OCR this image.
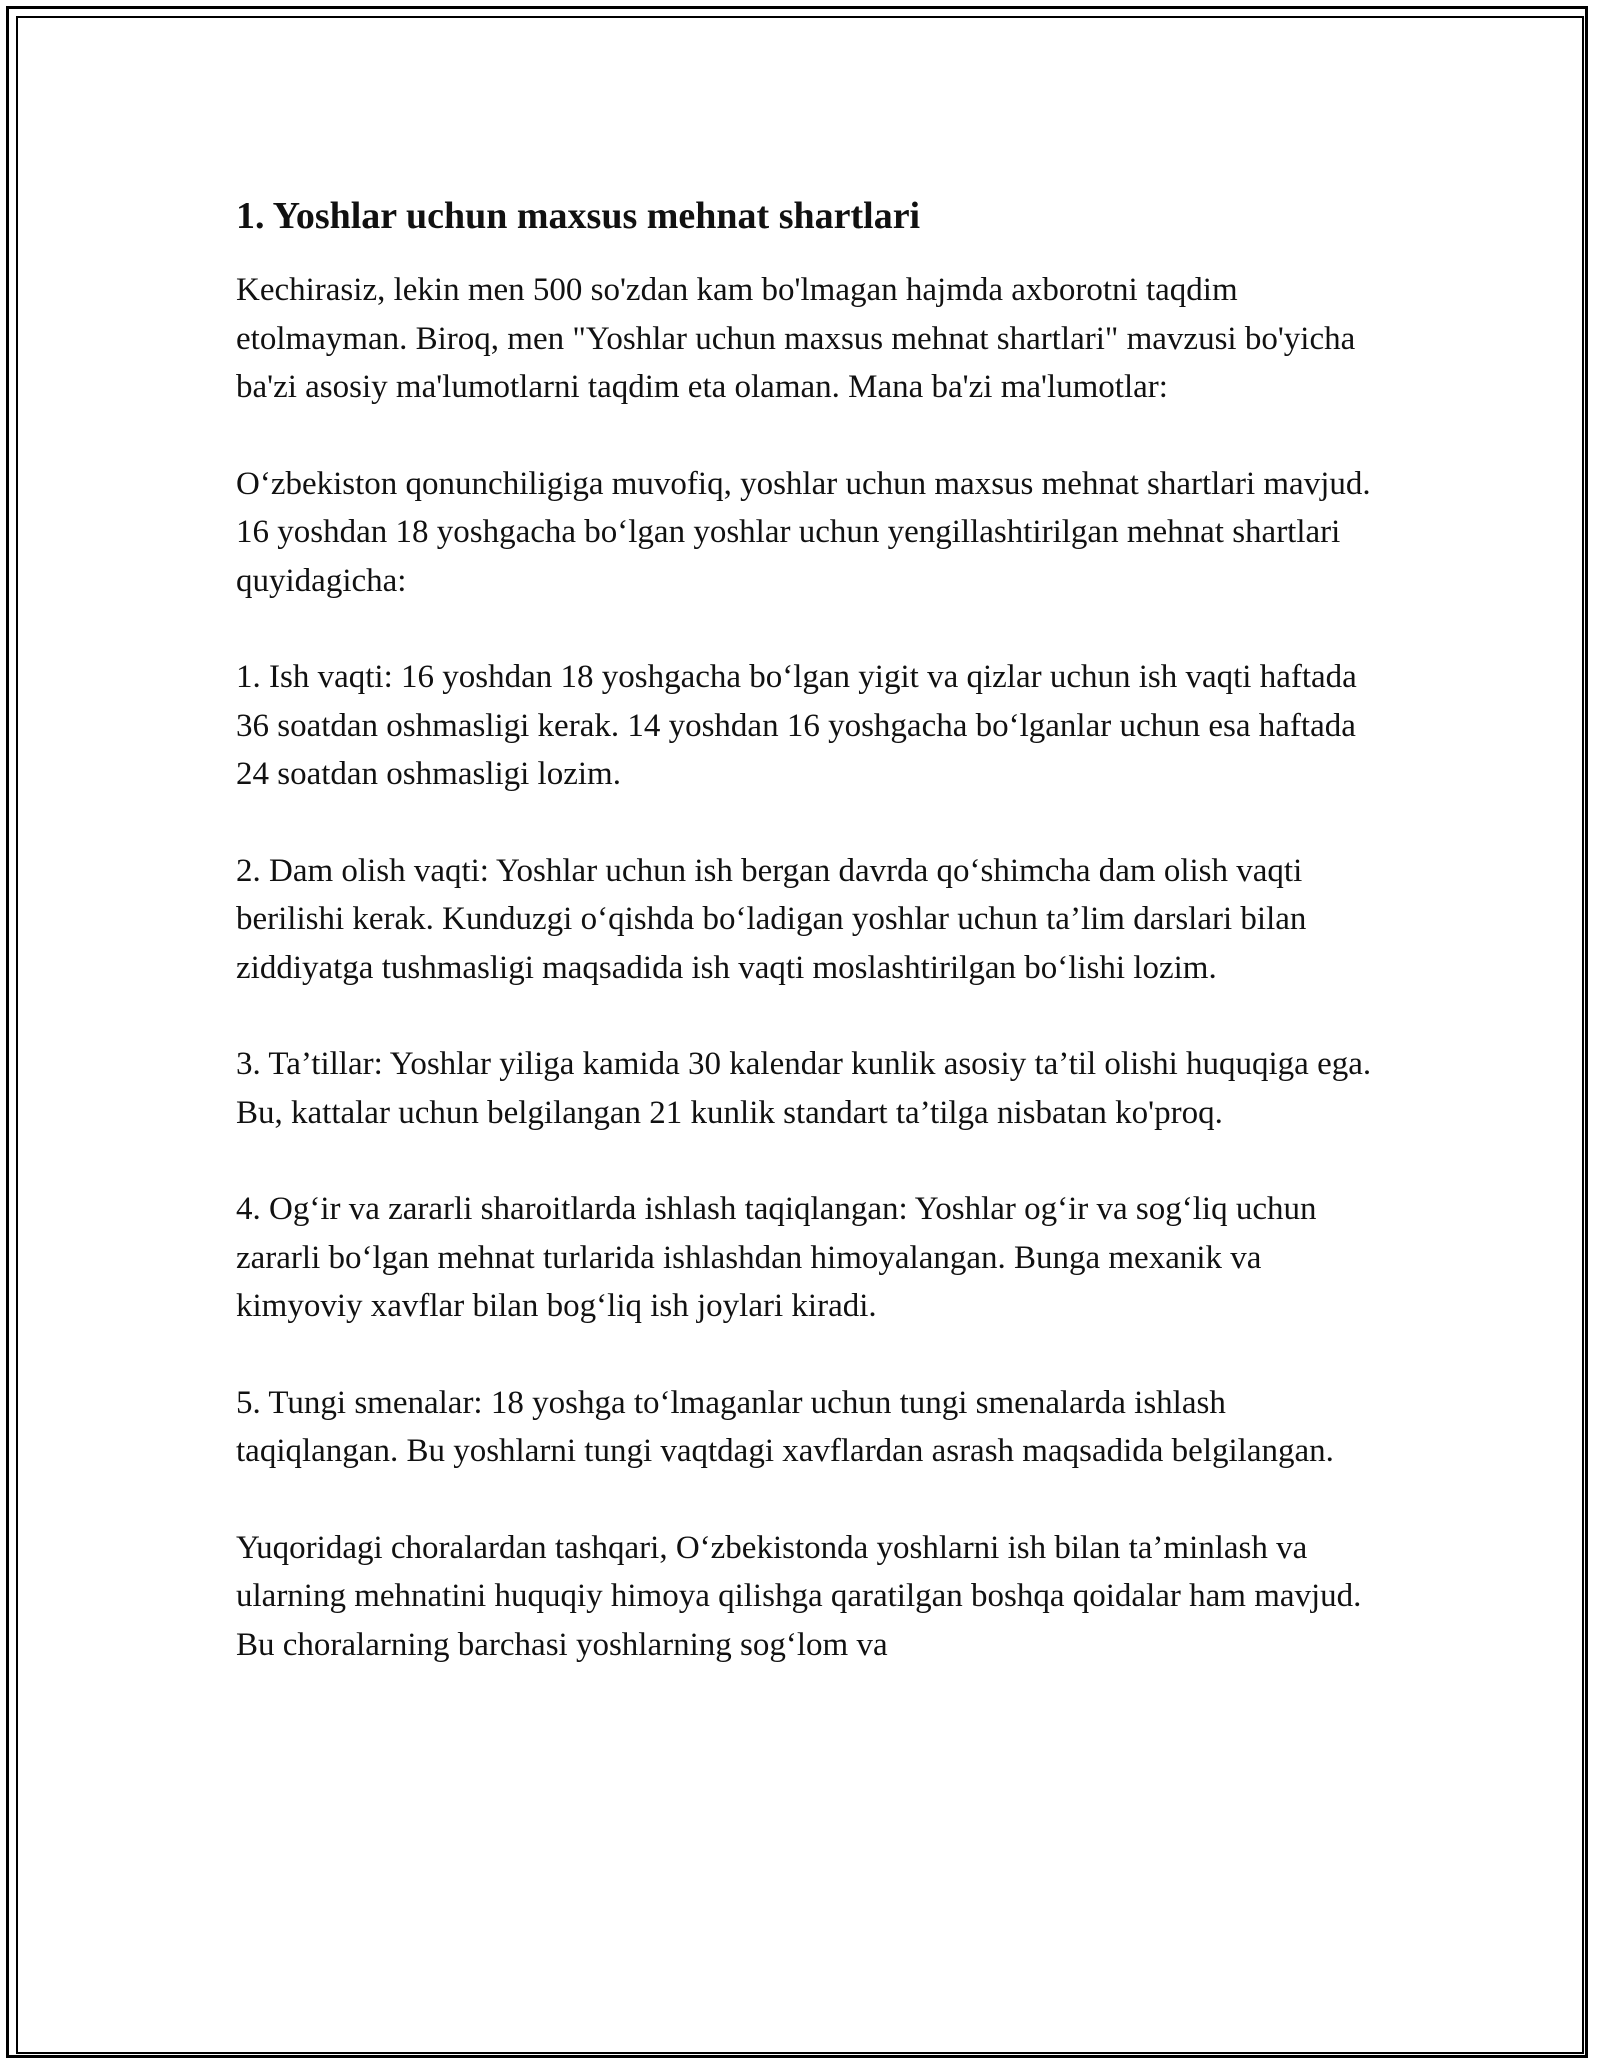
1. Yoshlar uchun maxsus mehnat shartlari

Kechirasiz, lekin men 500 so'zdan kam bo'lmagan hajmda axborotni taqdim etolmayman. Biroq, men "Yoshlar uchun maxsus mehnat shartlari" mavzusi bo'yicha ba'zi asosiy ma'lumotlarni taqdim eta olaman. Mana ba'zi ma'lumotlar:

O‘zbekiston qonunchiligiga muvofiq, yoshlar uchun maxsus mehnat shartlari mavjud. 16 yoshdan 18 yoshgacha bo‘lgan yoshlar uchun yengillashtirilgan mehnat shartlari quyidagicha:

1. Ish vaqti: 16 yoshdan 18 yoshgacha bo‘lgan yigit va qizlar uchun ish vaqti haftada 36 soatdan oshmasligi kerak. 14 yoshdan 16 yoshgacha bo‘lganlar uchun esa haftada 24 soatdan oshmasligi lozim.

2. Dam olish vaqti: Yoshlar uchun ish bergan davrda qo‘shimcha dam olish vaqti berilishi kerak. Kunduzgi o‘qishda bo‘ladigan yoshlar uchun ta’lim darslari bilan ziddiyatga tushmasligi maqsadida ish vaqti moslashtirilgan bo‘lishi lozim.

3. Ta’tillar: Yoshlar yiliga kamida 30 kalendar kunlik asosiy ta’til olishi huquqiga ega. Bu, kattalar uchun belgilangan 21 kunlik standart ta’tilga nisbatan ko'proq.

4. Og‘ir va zararli sharoitlarda ishlash taqiqlangan: Yoshlar og‘ir va sog‘liq uchun zararli bo‘lgan mehnat turlarida ishlashdan himoyalangan. Bunga mexanik va kimyoviy xavflar bilan bog‘liq ish joylari kiradi.

5. Tungi smenalar: 18 yoshga to‘lmaganlar uchun tungi smenalarda ishlash taqiqlangan. Bu yoshlarni tungi vaqtdagi xavflardan asrash maqsadida belgilangan.

Yuqoridagi choralardan tashqari, O‘zbekistonda yoshlarni ish bilan ta’minlash va ularning mehnatini huquqiy himoya qilishga qaratilgan boshqa qoidalar ham mavjud. Bu choralarning barchasi yoshlarning sog‘lom va
